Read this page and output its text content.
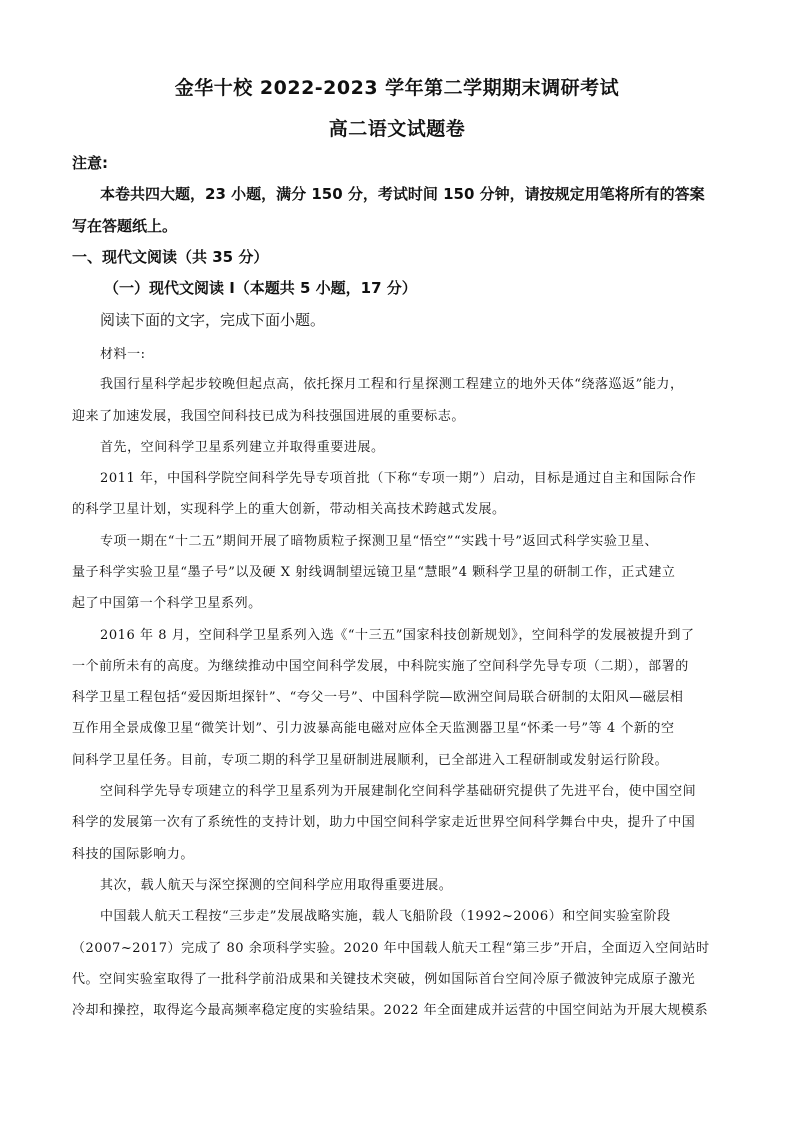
金华十校 2022-2023 学年第二学期期末调研考试
高二语文试题卷
注意:
本卷共四大题，23 小题，满分 150 分，考试时间 150 分钟，请按规定用笔将所有的答案
写在答题纸上。
一、现代文阅读（共 35 分）
（一）现代文阅读 I（本题共 5 小题，17 分）
阅读下面的文字，完成下面小题。
材料一:
我国行星科学起步较晚但起点高，依托探月工程和行星探测工程建立的地外天体“绕落巡返”能力，
迎来了加速发展，我国空间科技已成为科技强国进展的重要标志。
首先，空间科学卫星系列建立并取得重要进展。
2011 年，中国科学院空间科学先导专项首批（下称“专项一期”）启动，目标是通过自主和国际合作
的科学卫星计划，实现科学上的重大创新，带动相关高技术跨越式发展。
专项一期在“十二五”期间开展了暗物质粒子探测卫星“悟空”“实践十号”返回式科学实验卫星、
量子科学实验卫星“墨子号”以及硬 X 射线调制望远镜卫星“慧眼”4 颗科学卫星的研制工作，正式建立
起了中国第一个科学卫星系列。
2016 年 8 月，空间科学卫星系列入选《“十三五”国家科技创新规划》，空间科学的发展被提升到了
一个前所未有的高度。为继续推动中国空间科学发展，中科院实施了空间科学先导专项（二期），部署的
科学卫星工程包括“爱因斯坦探针”、“夸父一号”、中国科学院—欧洲空间局联合研制的太阳风—磁层相
互作用全景成像卫星“微笑计划”、引力波暴高能电磁对应体全天监测器卫星“怀柔一号”等 4 个新的空
间科学卫星任务。目前，专项二期的科学卫星研制进展顺利，已全部进入工程研制或发射运行阶段。
空间科学先导专项建立的科学卫星系列为开展建制化空间科学基础研究提供了先进平台，使中国空间
科学的发展第一次有了系统性的支持计划，助力中国空间科学家走近世界空间科学舞台中央，提升了中国
科技的国际影响力。
其次，载人航天与深空探测的空间科学应用取得重要进展。
中国载人航天工程按“三步走”发展战略实施，载人飞船阶段（1992~2006）和空间实验室阶段
（2007~2017）完成了 80 余项科学实验。2020 年中国载人航天工程“第三步”开启，全面迈入空间站时
代。空间实验室取得了一批科学前沿成果和关键技术突破，例如国际首台空间冷原子微波钟完成原子激光
冷却和操控，取得迄今最高频率稳定度的实验结果。2022 年全面建成并运营的中国空间站为开展大规模系
